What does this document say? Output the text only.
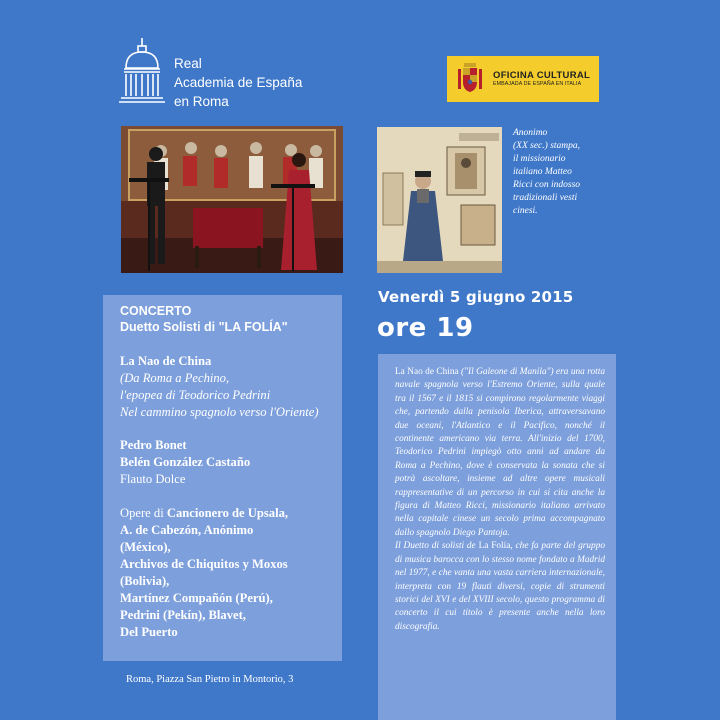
Real
Academia de España
en Roma
OFICINA CULTURAL
EMBAJADA DE ESPAÑA EN ITALIA
Anonimo
(XX sec.) stampa,
il missionario
italiano Matteo
Ricci con indosso
tradizionali vesti
cinesi.
CONCERTO
Duetto Solisti di "LA FOLÍA"
La Nao de China
(Da Roma a Pechino,
l'epopea di Teodorico Pedrini
Nel cammino spagnolo verso l'Oriente)
Pedro Bonet
Belén González Castaño
Flauto Dolce
Opere di Cancionero de Upsala,
A. de Cabezón, Anónimo
(México),
Archivos de Chiquitos y Moxos
(Bolivia),
Martínez Compañón (Perú),
Pedrini (Pekín), Blavet,
Del Puerto
Roma, Piazza San Pietro in Montorio, 3
Venerdì 5 giugno 2015
ore 19

La Nao de China ("Il Galeone di Manila") era una rotta navale spagnola verso l'Estremo Oriente, sulla quale tra il 1567 e il 1815 si compirono regolarmente viaggi che, partendo dalla penisola Iberica, attraversavano due oceani, l'Atlantico e il Pacifico, nonché il continente americano via terra. All'inizio del 1700, Teodorico Pedrini impiegò otto anni ad andare da Roma a Pechino, dove è conservata la sonata che si potrà ascoltare, insieme ad altre opere musicali rappresentative di un percorso in cui si cita anche la figura di Matteo Ricci, missionario italiano arrivato nella capitale cinese un secolo prima accompagnato dallo spagnolo Diego Pantoja.

Il Duetto di solisti de La Folía, che fa parte del gruppo di musica barocca con lo stesso nome fondato a Madrid nel 1977, e che vanta una vasta carriera internazionale, interpreta con 19 flauti diversi, copie di strumenti storici del XVI e del XVIII secolo, questo programma di concerto il cui titolo è presente anche nella loro discografia.
